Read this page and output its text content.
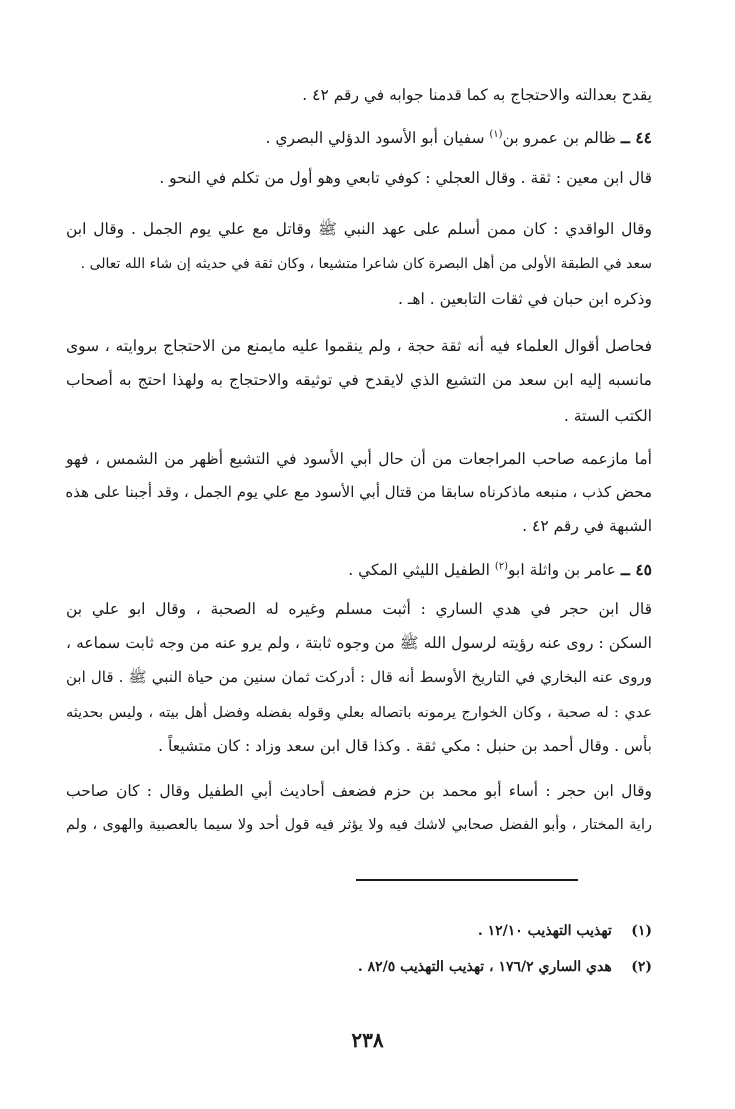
يقدح بعدالته والاحتجاج به كما قدمنا جوابه في رقم ٤٢ .
٤٤ ــ ظالم بن عمرو بن$^{(١)}$ سفيان أبو الأسود الدؤلي البصري .
قال ابن معين : ثقة . وقال العجلي : كوفي تابعي وهو أول من تكلم في النحو .
وقال الواقدي : كان ممن أسلم على عهد النبي ﷺ وقاتل مع علي يوم الجمل . وقال ابن
سعد في الطبقة الأولى من أهل البصرة كان شاعرا متشيعا ، وكان ثقة في حديثه إن شاء الله تعالى .
وذكره ابن حبان في ثقات التابعين . اهـ .
فحاصل أقوال العلماء فيه أنه ثقة حجة ، ولم ينقموا عليه مايمنع من الاحتجاج بروايته ، سوى
مانسبه إليه ابن سعد من التشيع الذي لايقدح في توثيقه والاحتجاج به ولهذا احتج به أصحاب
الكتب الستة .
أما مازعمه صاحب المراجعات من أن حال أبي الأسود في التشيع أظهر من الشمس ، فهو
محض كذب ، منبعه ماذكرناه سابقا من قتال أبي الأسود مع علي يوم الجمل ، وقد أجبنا على هذه
الشبهة في رقم ٤٢ .
٤٥ ــ عامر بن واثلة ابو$^{(٢)}$ الطفيل الليثي المكي .
قال ابن حجر في هدي الساري : أثبت مسلم وغيره له الصحبة ، وقال ابو علي بن
السكن : روى عنه رؤيته لرسول الله ﷺ من وجوه ثابتة ، ولم يرو عنه من وجه ثابت سماعه ،
وروى عنه البخاري في التاريخ الأوسط أنه قال : أدركت ثمان سنين من حياة النبي ﷺ . قال ابن
عدي : له صحبة ، وكان الخوارج يرمونه باتصاله بعلي وقوله بفضله وفضل أهل بيته ، وليس بحديثه
بأس . وقال أحمد بن حنبل : مكي ثقة . وكذا قال ابن سعد وزاد : كان متشيعاً .
وقال ابن حجر : أساء أبو محمد بن حزم فضعف أحاديث أبي الطفيل وقال : كان صاحب
راية المختار ، وأبو الفضل صحابي لاشك فيه ولا يؤثر فيه قول أحد ولا سيما بالعصبية والهوى ، ولم
(١)    تهذيب التهذيب ١٢/١٠ .
(٢)    هدي الساري ١٧٦/٢ ، تهذيب التهذيب ٨٢/٥ .
٢٣٨
